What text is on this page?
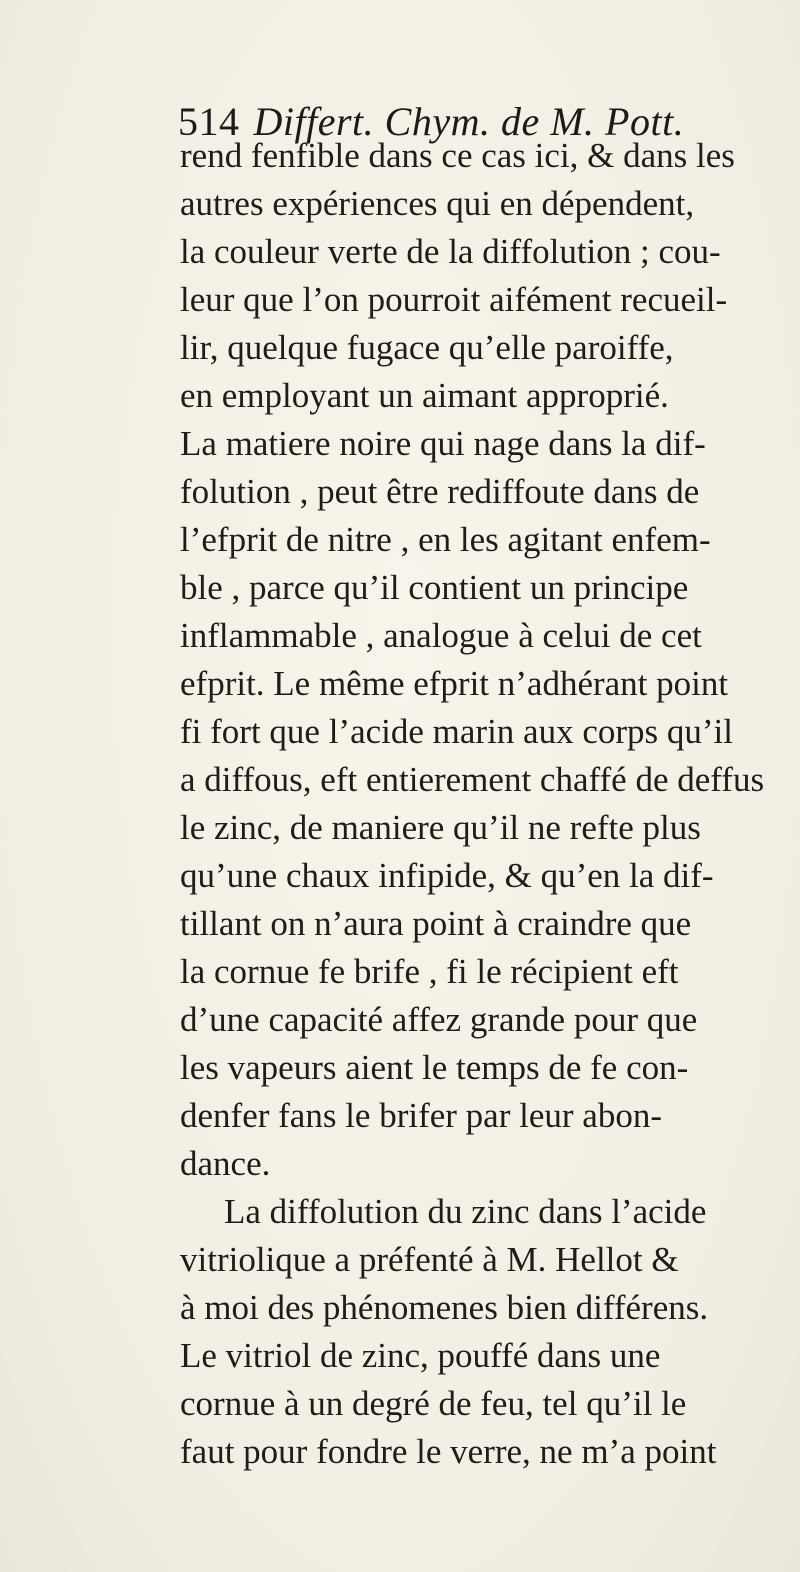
514 Differt. Chym. de M. Pott.
rend fenfible dans ce cas ici, & dans les
autres expériences qui en dépendent,
la couleur verte de la diffolution ; cou-
leur que l’on pourroit aifément recueil-
lir, quelque fugace qu’elle paroiffe,
en employant un aimant approprié.
La matiere noire qui nage dans la dif-
folution , peut être rediffoute dans de
l’efprit de nitre , en les agitant enfem-
ble , parce qu’il contient un principe
inflammable , analogue à celui de cet
efprit. Le même efprit n’adhérant point
fi fort que l’acide marin aux corps qu’il
a diffous, eft entierement chaffé de deffus
le zinc, de maniere qu’il ne refte plus
qu’une chaux infipide, & qu’en la dif-
tillant on n’aura point à craindre que
la cornue fe brife , fi le récipient eft
d’une capacité affez grande pour que
les vapeurs aient le temps de fe con-
denfer fans le brifer par leur abon-
dance.
La diffolution du zinc dans l’acide
vitriolique a préfenté à M. Hellot &
à moi des phénomenes bien différens.
Le vitriol de zinc, pouffé dans une
cornue à un degré de feu, tel qu’il le
faut pour fondre le verre, ne m’a point
